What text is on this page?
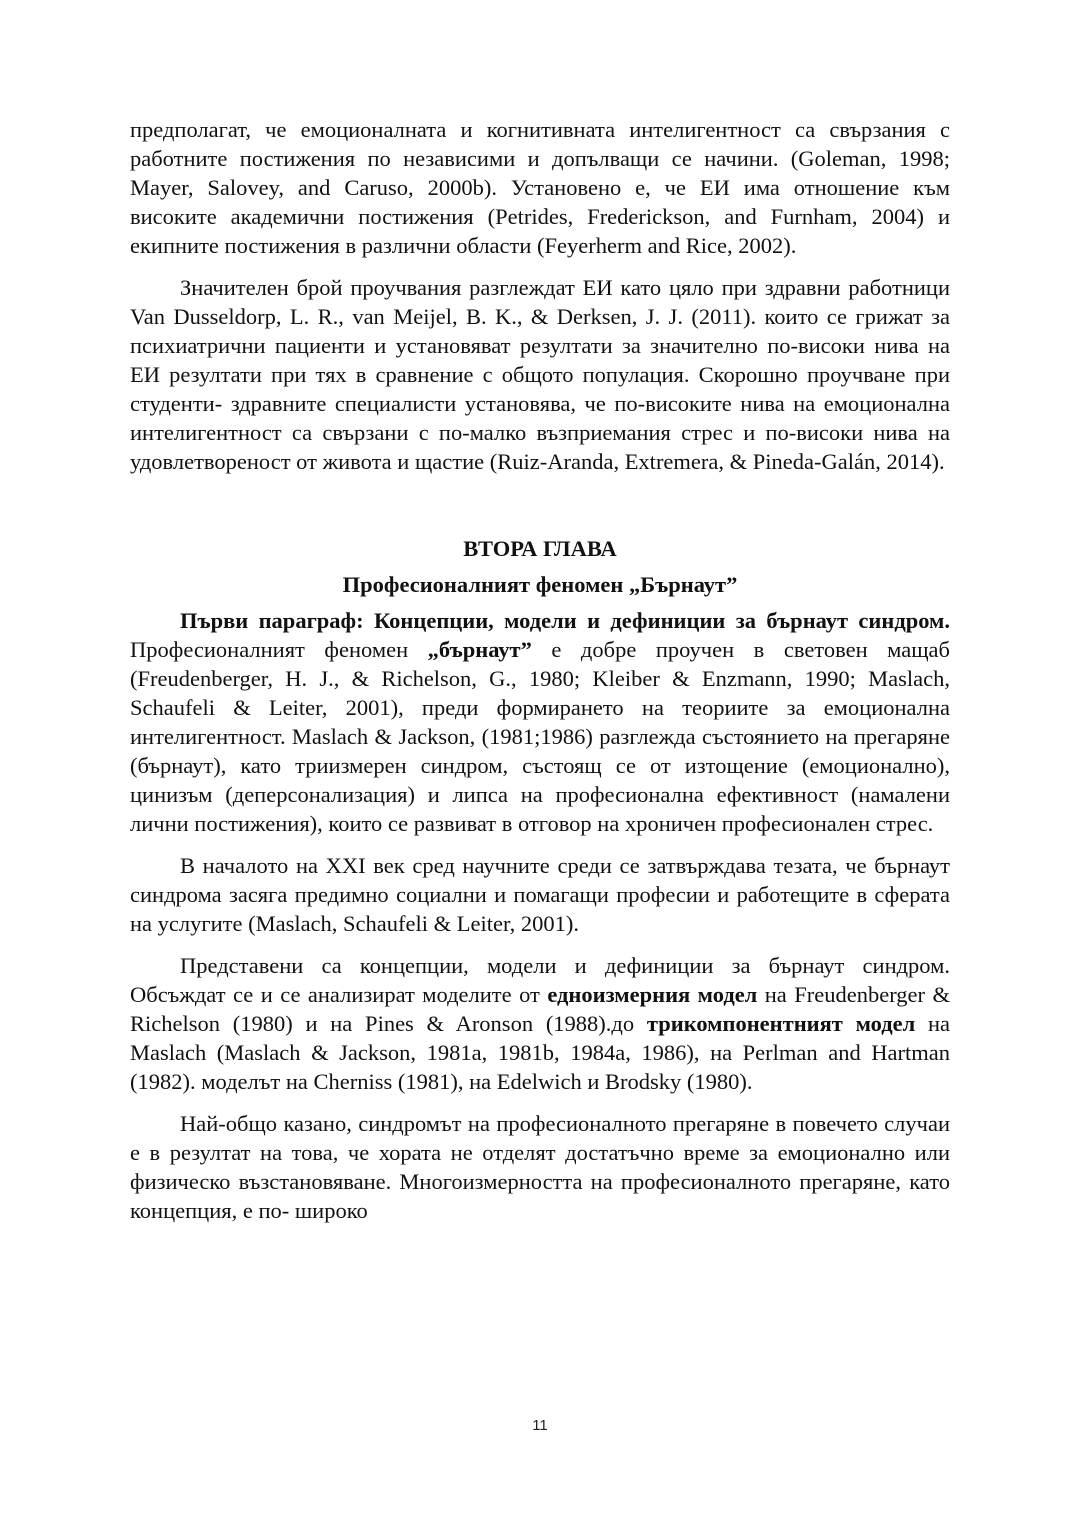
предполагат, че емоционалната и когнитивната интелигентност са свързания с работните постижения по независими и допълващи се начини. (Goleman, 1998; Mayer, Salovey, and Caruso, 2000b). Установено е, че ЕИ има отношение към високите академични постижения (Petrides, Frederickson, and Furnham, 2004) и екипните постижения в различни области (Feyerherm and Rice, 2002).

Значителен брой проучвания разглеждат ЕИ като цяло при здравни работници Van Dusseldorp, L. R., van Meijel, B. K., & Derksen, J. J. (2011). които се грижат за психиатрични пациенти и установяват резултати за значително по-високи нива на ЕИ резултати при тях в сравнение с общото популация. Скорошно проучване при студенти- здравните специалисти установява, че по-високите нива на емоционална интелигентност са свързани с по-малко възприемания стрес и по-високи нива на удовлетвореност от живота и щастие (Ruiz-Aranda, Extremera, & Pineda-Galán, 2014).

ВТОРА ГЛАВА

Професионалният феномен „Бърнаут”

Първи параграф: Концепции, модели и дефиниции за бърнаут синдром. Професионалният феномен „бърнаут” е добре проучен в световен мащаб (Freudenberger, H. J., & Richelson, G., 1980; Kleiber & Enzmann, 1990; Maslach, Schaufeli & Leiter, 2001), преди формирането на теориите за емоционална интелигентност. Maslach & Jackson, (1981;1986) разглежда състоянието на прегаряне (бърнаут), като триизмерен синдром, състоящ се от изтощение (емоционално), цинизъм (деперсонализация) и липса на професионална ефективност (намалени лични постижения), които се развиват в отговор на хроничен професионален стрес.

В началото на XXI век сред научните среди се затвърждава тезата, че бърнаут синдрома засяга предимно социални и помагащи професии и работещите в сферата на услугите (Maslach, Schaufeli & Leiter, 2001).

Представени са концепции, модели и дефиниции за бърнаут синдром. Обсъждат се и се анализират моделите от едноизмерния модел на Freudenberger & Richelson (1980) и на Pines & Aronson (1988).до трикомпонентният модел на Maslach (Maslach & Jackson, 1981a, 1981b, 1984a, 1986), на Perlman and Hartman (1982). моделът на Cherniss (1981), на Edelwich и Brodsky (1980).

Най-общо казано, синдромът на професионалното прегаряне в повечето случаи е в резултат на това, че хората не отделят достатъчно време за емоционално или физическо възстановяване. Многоизмерността на професионалното прегаряне, като концепция, е по- широко

11
